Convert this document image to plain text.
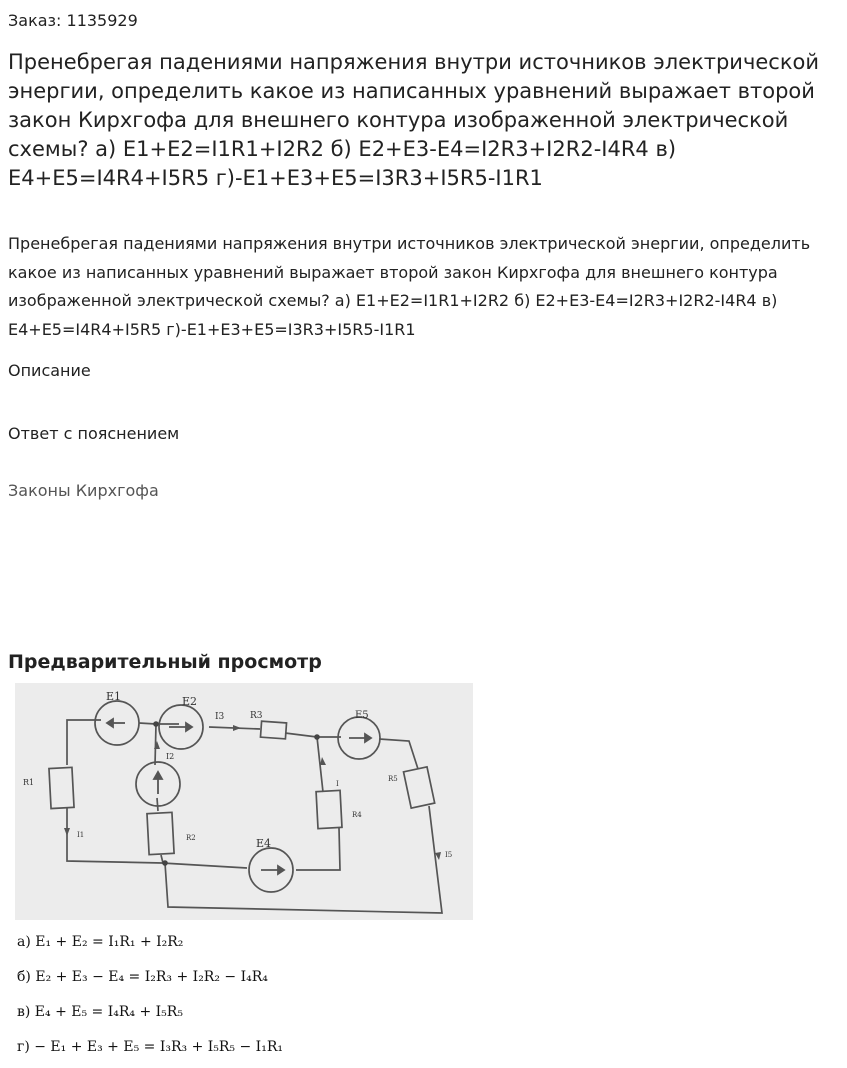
Заказ: 1135929
Пренебрегая падениями напряжения внутри источников электрической энергии, определить какое из написанных уравнений выражает второй закон Кирхгофа для внешнего контура изображенной электрической схемы? а) E1+E2=I1R1+I2R2 б) E2+E3-E4=I2R3+I2R2-I4R4 в) E4+E5=I4R4+I5R5 г)-E1+E3+E5=I3R3+I5R5-I1R1

Пренебрегая падениями напряжения внутри источников электрической энергии, определить какое из написанных уравнений выражает второй закон Кирхгофа для внешнего контура изображенной электрической схемы? а) E1+E2=I1R1+I2R2 б) E2+E3-E4=I2R3+I2R2-I4R4 в) E4+E5=I4R4+I5R5 г)-E1+E3+E5=I3R3+I5R5-I1R1

Описание
Ответ с пояснением
Законы Кирхгофа
Предварительный просмотр
E1	E2
I3	R3	E5
I2
R1
I1	R2	E4
I
R4
R5
I5
а) E₁ + E₂ = I₁R₁ + I₂R₂
б) E₂ + E₃ − E₄ = I₂R₃ + I₂R₂ − I₄R₄
в) E₄ + E₅ = I₄R₄ + I₅R₅
г) − E₁ + E₃ + E₅ = I₃R₃ + I₅R₅ − I₁R₁
